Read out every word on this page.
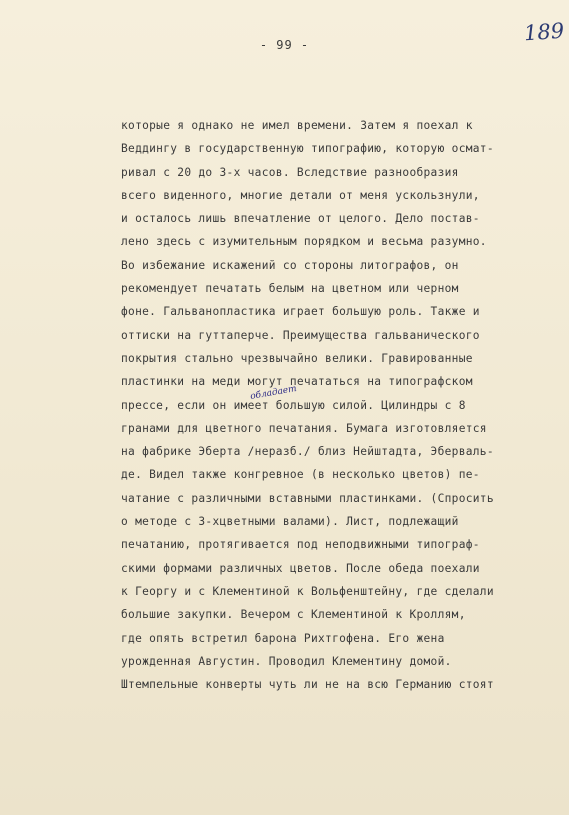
- 99 -	189
обладает
которые я однако не имел времени. Затем я поехал к
Веддингу в государственную типографию, которую осмат-
ривал с 20 до 3-х часов. Вследствие разнообразия
всего виденного, многие детали от меня ускользнули,
и осталось лишь впечатление от целого. Дело постав-
лено здесь с изумительным порядком и весьма разумно.
Во избежание искажений со стороны литографов, он
рекомендует печатать белым на цветном или черном
фоне. Гальванопластика играет большую роль. Также и
оттиски на гуттаперче. Преимущества гальванического
покрытия стально чрезвычайно велики. Гравированные
пластинки на меди могут печататься на типографском
прессе, если он имеет большую силой. Цилиндры с 8
гранами для цветного печатания. Бумага изготовляется
на фабрике Эберта /неразб./ близ Нейштадта, Эберваль-
де. Видел также конгревное (в несколько цветов) пе-
чатание с различными вставными пластинками. (Спросить
о методе с 3-хцветными валами). Лист, подлежащий
печатанию, протягивается под неподвижными типограф-
скими формами различных цветов. После обеда поехали
к Георгу и с Клементиной к Вольфенштейну, где сделали
большие закупки. Вечером с Клементиной к Кроллям,
где опять встретил барона Рихтгофена. Его жена
урожденная Августин. Проводил Клементину домой.
Штемпельные конверты чуть ли не на всю Германию стоят
